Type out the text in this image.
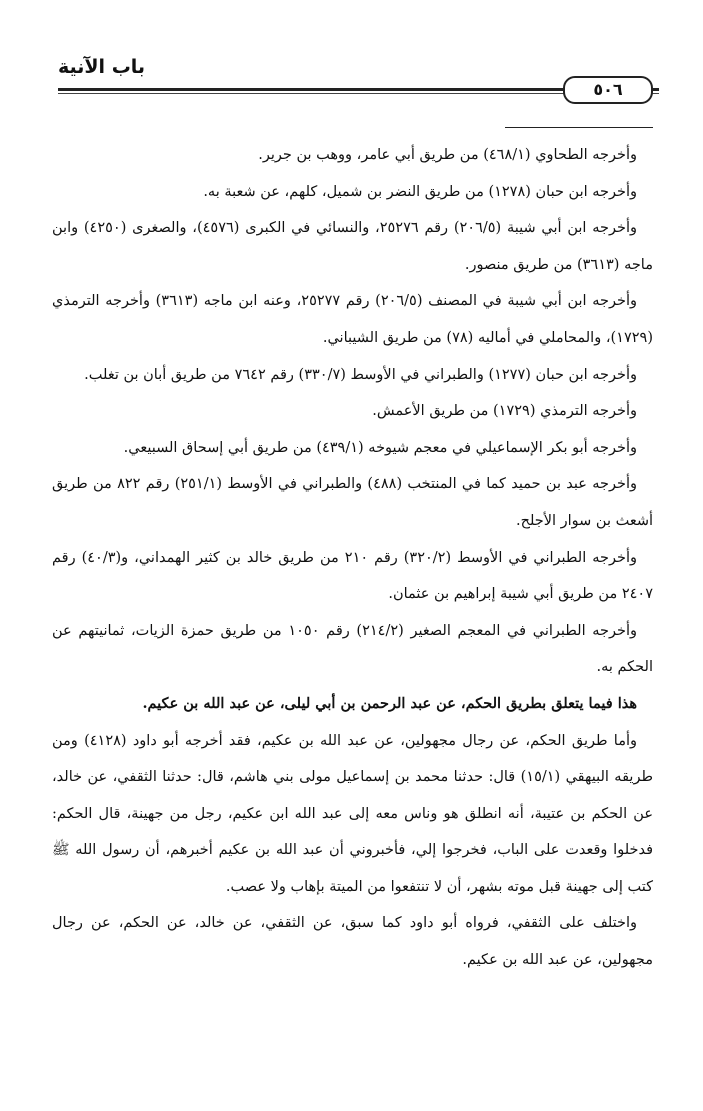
باب الآنية
٥٠٦

وأخرجه الطحاوي (٤٦٨/١) من طريق أبي عامر، ووهب بن جرير.

وأخرجه ابن حبان (١٢٧٨) من طريق النضر بن شميل، كلهم، عن شعبة به.

وأخرجه ابن أبي شيبة (٢٠٦/٥) رقم ٢٥٢٧٦، والنسائي في الكبرى (٤٥٧٦)، والصغرى (٤٢٥٠) وابن ماجه (٣٦١٣) من طريق منصور.

وأخرجه ابن أبي شيبة في المصنف (٢٠٦/٥) رقم ٢٥٢٧٧، وعنه ابن ماجه (٣٦١٣) وأخرجه الترمذي (١٧٢٩)، والمحاملي في أماليه (٧٨) من طريق الشيباني.

وأخرجه ابن حبان (١٢٧٧) والطبراني في الأوسط (٣٣٠/٧) رقم ٧٦٤٢ من طريق أبان بن تغلب.

وأخرجه الترمذي (١٧٢٩) من طريق الأعمش.

وأخرجه أبو بكر الإسماعيلي في معجم شيوخه (٤٣٩/١) من طريق أبي إسحاق السبيعي.

وأخرجه عبد بن حميد كما في المنتخب (٤٨٨) والطبراني في الأوسط (٢٥١/١) رقم ٨٢٢ من طريق أشعث بن سوار الأجلح.

وأخرجه الطبراني في الأوسط (٣٢٠/٢) رقم ٢١٠ من طريق خالد بن كثير الهمداني، و(٤٠/٣) رقم ٢٤٠٧ من طريق أبي شيبة إبراهيم بن عثمان.

وأخرجه الطبراني في المعجم الصغير (٢١٤/٢) رقم ١٠٥٠ من طريق حمزة الزيات، ثمانيتهم عن الحكم به.

هذا فيما يتعلق بطريق الحكم، عن عبد الرحمن بن أبي ليلى، عن عبد الله بن عكيم.

وأما طريق الحكم، عن رجال مجهولين، عن عبد الله بن عكيم، فقد أخرجه أبو داود (٤١٢٨) ومن طريقه البيهقي (١٥/١) قال: حدثنا محمد بن إسماعيل مولى بني هاشم، قال: حدثنا الثقفي، عن خالد، عن الحكم بن عتيبة، أنه انطلق هو وناس معه إلى عبد الله ابن عكيم، رجل من جهينة، قال الحكم: فدخلوا وقعدت على الباب، فخرجوا إلي، فأخبروني أن عبد الله بن عكيم أخبرهم، أن رسول الله ﷺ كتب إلى جهينة قبل موته بشهر، أن لا تنتفعوا من الميتة بإهاب ولا عصب.

واختلف على الثقفي، فرواه أبو داود كما سبق، عن الثقفي، عن خالد، عن الحكم، عن رجال مجهولين، عن عبد الله بن عكيم.
